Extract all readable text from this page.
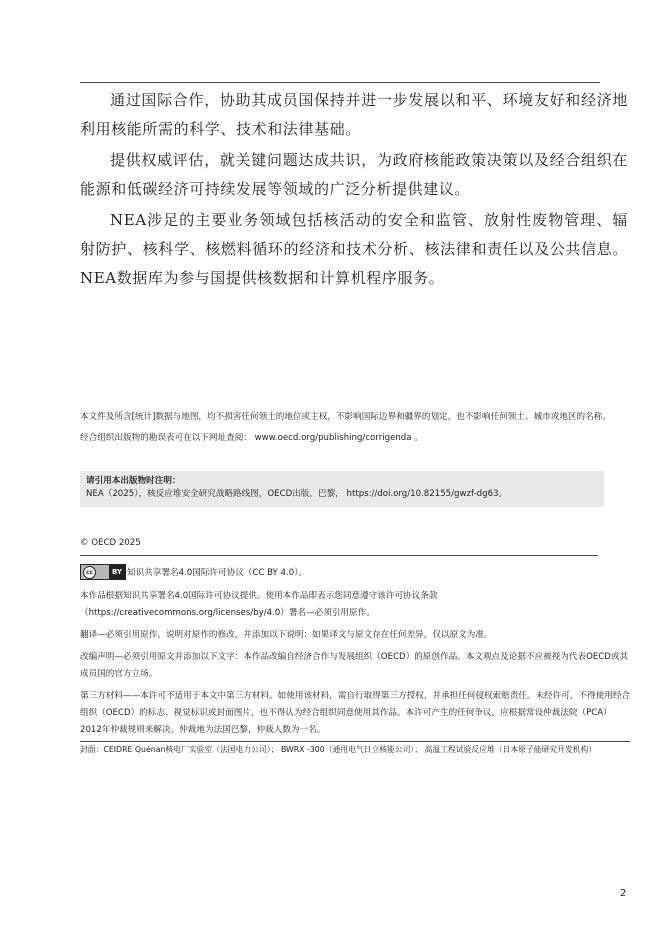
通过国际合作，协助其成员国保持并进一步发展以和平、环境友好和经济地利用核能所需的科学、技术和法律基础。

提供权威评估，就关键问题达成共识，为政府核能政策决策以及经合组织在能源和低碳经济可持续发展等领域的广泛分析提供建议。

NEA涉足的主要业务领域包括核活动的安全和监管、放射性废物管理、辐射防护、核科学、核燃料循环的经济和技术分析、核法律和责任以及公共信息。NEA数据库为参与国提供核数据和计算机程序服务。

本文件及所含[统计]数据与地图，均不损害任何领土的地位或主权，不影响国际边界和疆界的划定，也不影响任何领土、城市或地区的名称。

经合组织出版物的勘误表可在以下网址查阅： www.oecd.org/publishing/corrigenda 。

请引用本出版物时注明：
NEA（2025），核反应堆安全研究战略路线图，OECD出版，巴黎， https://doi.org/10.82155/gwzf-dg63。
© OECD 2025
cc	BY 知识共享署名4.0国际许可协议（CC BY 4.0）。

本作品根据知识共享署名4.0国际许可协议提供。使用本作品即表示您同意遵守该许可协议条款（https://creativecommons.org/licenses/by/4.0）署名—必须引用原作。

翻译—必须引用原作，说明对原作的修改，并添加以下说明：如果译文与原文存在任何差异，仅以原文为准。

改编声明—必须引用原文并添加以下文字：本作品改编自经济合作与发展组织（OECD）的原创作品。本文观点及论据不应被视为代表OECD或其成员国的官方立场。

第三方材料——本许可不适用于本文中第三方材料。如使用该材料，需自行取得第三方授权，并承担任何侵权索赔责任。未经许可，不得使用经合组织（OECD）的标志、视觉标识或封面图片，也不得认为经合组织同意使用其作品。本许可产生的任何争议，应根据常设仲裁法院（PCA）2012年仲裁规则来解决。仲裁地为法国巴黎，仲裁人数为一名。

封面：CEIDRE Quénan核电厂实验室（法国电力公司）； BWRX -300（通用电气日立核能公司）； 高温工程试验反应堆（日本原子能研究开发机构）
2
